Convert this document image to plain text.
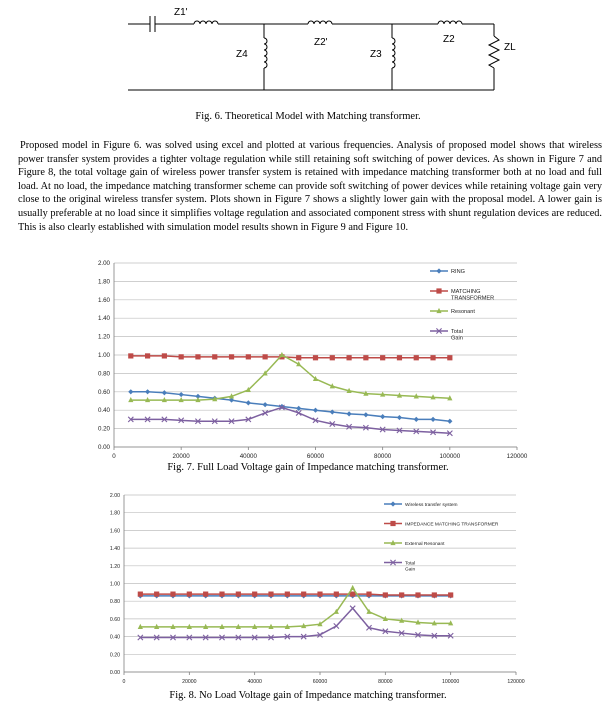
Z1'
Z2'	Z2
Z4	Z3
ZL
Fig. 6. Theoretical Model with Matching transformer.

Proposed model in Figure 6. was solved using excel and plotted at various frequencies. Analysis of proposed model shows that wireless power transfer system provides a tighter voltage regulation while still retaining soft switching of power devices. As shown in Figure 7 and Figure 8, the total voltage gain of wireless power transfer system is retained with impedance matching transformer both at no load and full load. At no load, the impedance matching transformer scheme can provide soft switching of power devices while retaining voltage gain very close to the original wireless transfer system. Plots shown in Figure 7 shows a slightly lower gain with the proposal model. A lower gain is usually preferable at no load since it simplifies voltage regulation and associated component stress with shunt regulation devices are reduced. This is also clearly established with simulation model results shown in Figure 9 and Figure 10.

0.00
0.20
0.40
0.60
0.80
1.00
1.20
1.40
1.60
1.80
2.00
0	20000	40000	60000	80000	100000	120000
RING
MATCHING TRANSFORMER
Resonant
Total Gain
Fig. 7. Full Load Voltage gain of Impedance matching transformer.
0.00
0.20
0.40
0.60
0.80
1.00
1.20
1.40
1.60
1.80
2.00
0	20000	40000	60000	80000	100000	120000
Wireless transfer system
IMPEDANCE MATCHING TRANSFORMER
External Resonant
Total Gain
Fig. 8. No Load Voltage gain of Impedance matching transformer.
